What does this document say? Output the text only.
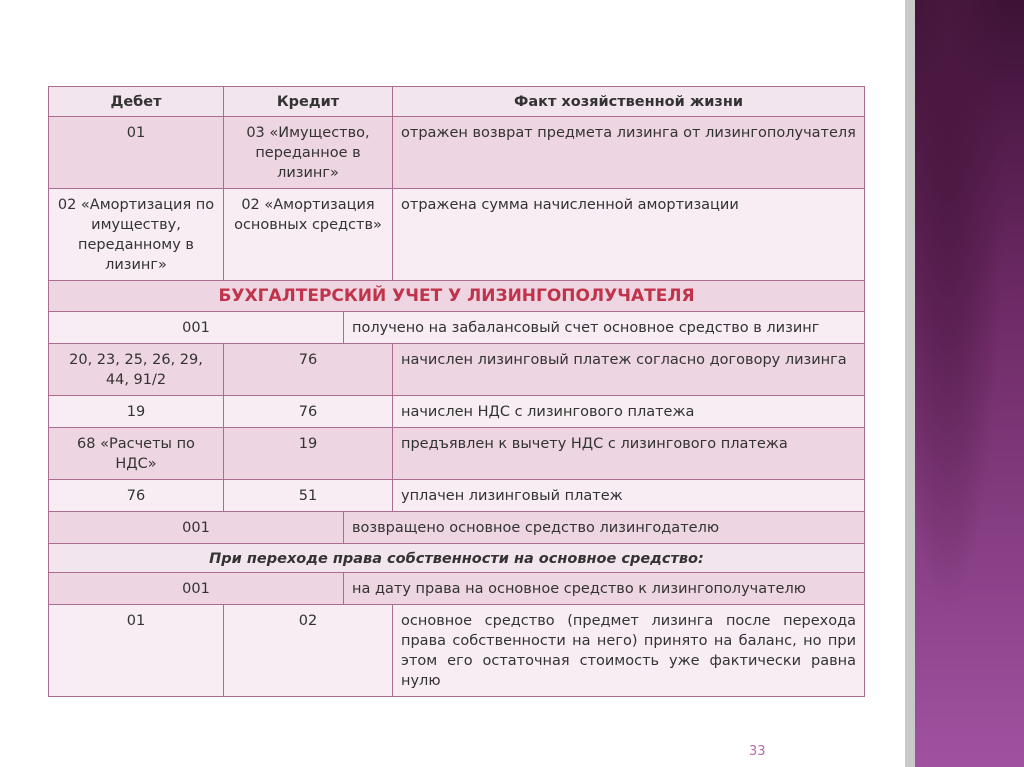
Дебет	Кредит		Факт хозяйственной жизни
01	03 «Имущество, переданное в лизинг»		отражен возврат предмета лизинга от лизингополучателя
02 «Амортизация по имуществу, переданному в лизинг»	02 «Амортизация основных средств»		отражена сумма начисленной амортизации
БУХГАЛТЕРСКИЙ УЧЕТ У ЛИЗИНГОПОЛУЧАТЕЛЯ			
001		получено на забалансовый счет основное средство в лизинг	
20, 23, 25, 26, 29, 44, 91/2	76		начислен лизинговый платеж согласно договору лизинга
19	76		начислен НДС с лизингового платежа
68 «Расчеты по НДС»	19		предъявлен к вычету НДС с лизингового платежа
76	51		уплачен лизинговый платеж
001		возвращено основное средство лизингодателю	
При переходе права собственности на основное средство:			
001		на дату права на основное средство к лизингополучателю	
01	02		основное средство (предмет лизинга после перехода права собственности на него) принято на баланс, но при этом его остаточная стоимость уже фактически равна нулю
33
